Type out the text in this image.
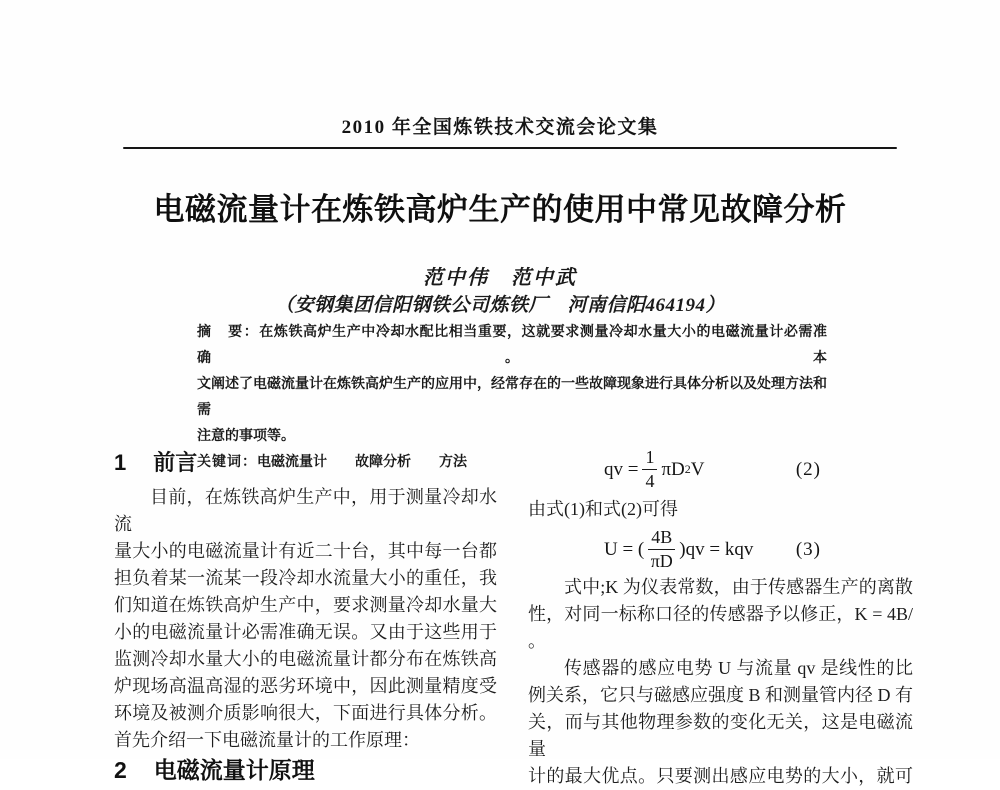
2010 年全国炼铁技术交流会论文集
电磁流量计在炼铁高炉生产的使用中常见故障分析
范中伟　范中武
（安钢集团信阳钢铁公司炼铁厂　河南信阳464194）
摘　要：在炼铁高炉生产中冷却水配比相当重要，这就要求测量冷却水量大小的电磁流量计必需准确。本
文阐述了电磁流量计在炼铁高炉生产的应用中，经常存在的一些故障现象进行具体分析以及处理方法和需
注意的事项等。
关键词：电磁流量计　　故障分析　　方法
1 前言
目前，在炼铁高炉生产中，用于测量冷却水流
量大小的电磁流量计有近二十台，其中每一台都
担负着某一流某一段冷却水流量大小的重任，我
们知道在炼铁高炉生产中，要求测量冷却水量大
小的电磁流量计必需准确无误。又由于这些用于
监测冷却水量大小的电磁流量计都分布在炼铁高
炉现场高温高湿的恶劣环境中，因此测量精度受
环境及被测介质影响很大，下面进行具体分析。
首先介绍一下电磁流量计的工作原理：
2 电磁流量计原理
qv = $\frac{1}{4}$ πD 2 V	(2)
由式(1)和式(2)可得
U = ( $\frac{4B}{\pi D} )qv$ = kqv (3)
式中;K 为仪表常数，由于传感器生产的离散
性，对同一标称口径的传感器予以修正，K = 4B/
。
传感器的感应电势 U 与流量 qv 是线性的比
例关系，它只与磁感应强度 B 和测量管内径 D 有
关，而与其他物理参数的变化无关，这是电磁流量
计的最大优点。只要测出感应电势的大小，就可
